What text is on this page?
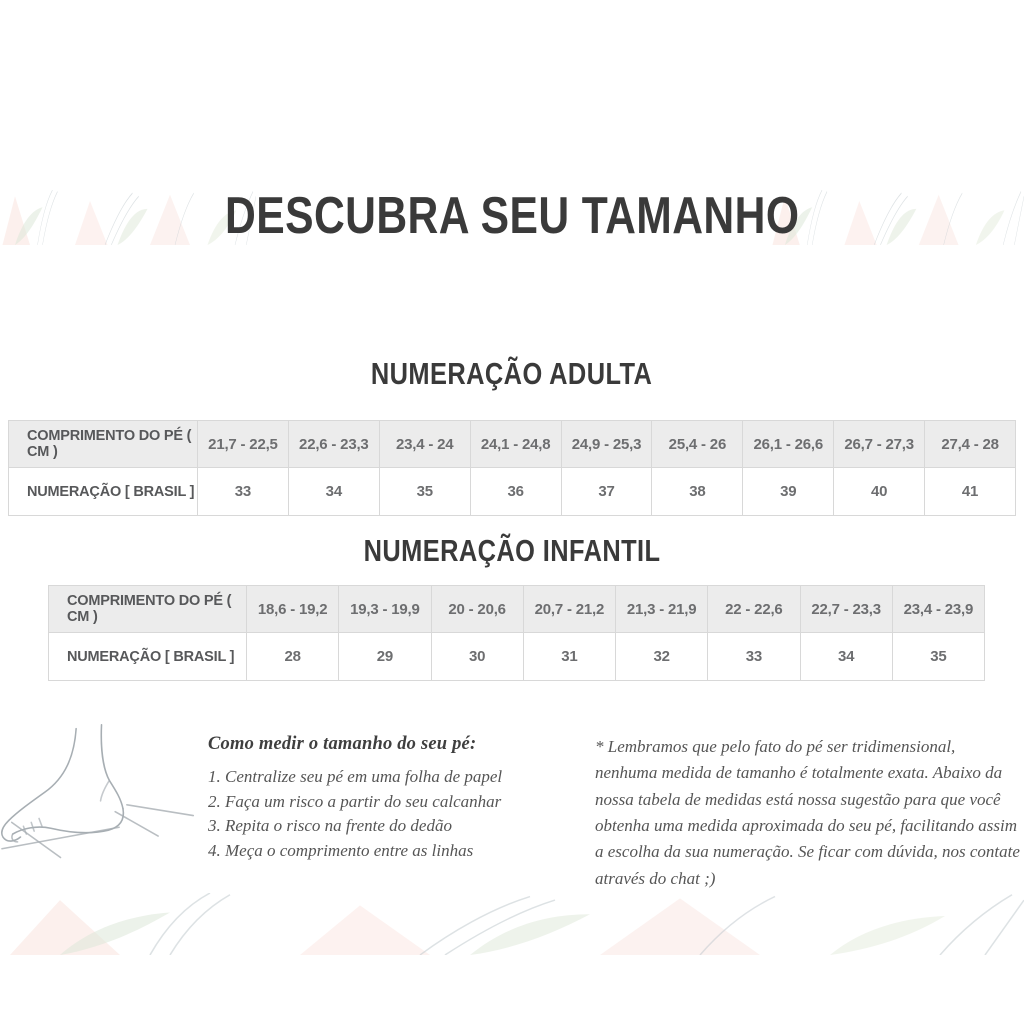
DESCUBRA SEU TAMANHO
NUMERAÇÃO ADULTA
COMPRIMENTO DO PÉ ( CM )	21,7 - 22,5	22,6 - 23,3	23,4 - 24	24,1 - 24,8	24,9 - 25,3	25,4 - 26	26,1 - 26,6	26,7 - 27,3	27,4 - 28
NUMERAÇÃO [ BRASIL ]	33	34	35	36	37	38	39	40	41
NUMERAÇÃO INFANTIL
COMPRIMENTO DO PÉ ( CM )	18,6 - 19,2	19,3 - 19,9	20 - 20,6	20,7 - 21,2	21,3 - 21,9	22 - 22,6	22,7 - 23,3	23,4 - 23,9
NUMERAÇÃO [ BRASIL ]	28	29	30	31	32	33	34	35
Como medir o tamanho do seu pé:
1. Centralize seu pé em uma folha de papel
2. Faça um risco a partir do seu calcanhar
3. Repita o risco na frente do dedão
4. Meça o comprimento entre as linhas
* Lembramos que pelo fato do pé ser tridimensional, nenhuma medida de tamanho é totalmente exata. Abaixo da nossa tabela de medidas está nossa sugestão para que você obtenha uma medida aproximada do seu pé, facilitando assim a escolha da sua numeração. Se ficar com dúvida, nos contate através do chat ;)
